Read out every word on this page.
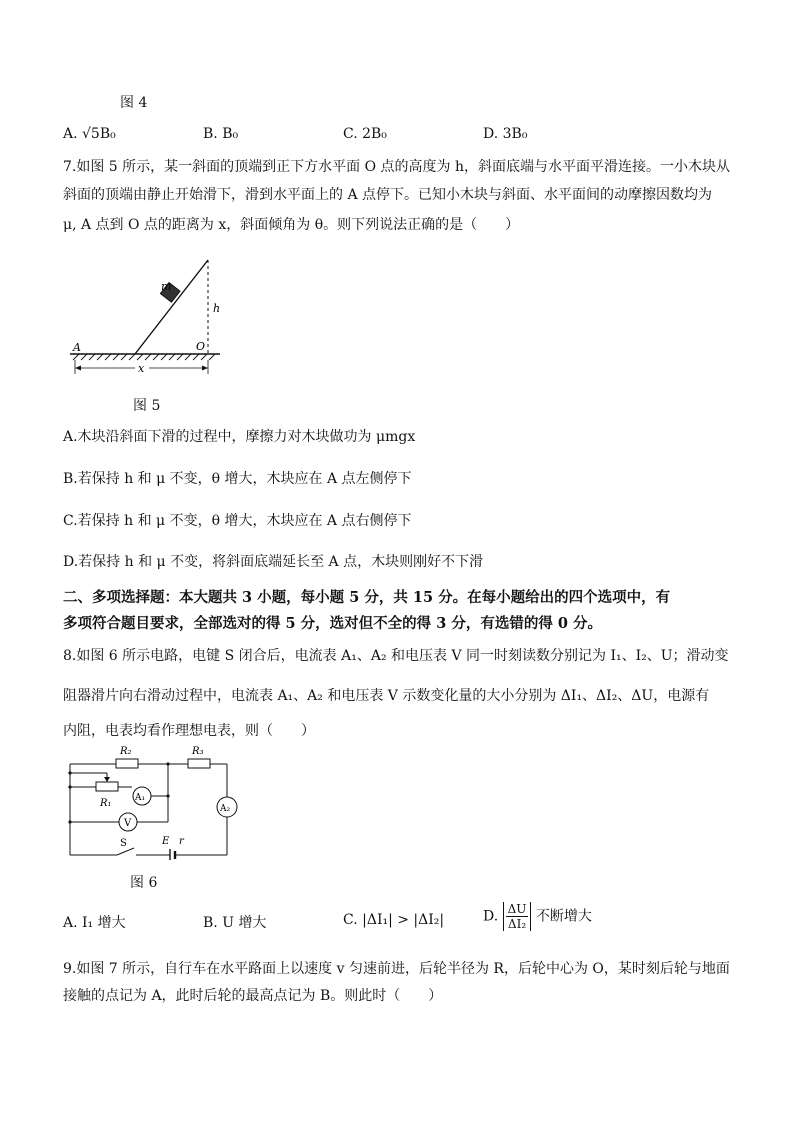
图 4
A. √5B₀	B. B₀	C. 2B₀	D. 3B₀
7.如图 5 所示，某一斜面的顶端到正下方水平面 O 点的高度为 h，斜面底端与水平面平滑连接。一小木块从
斜面的顶端由静止开始滑下，滑到水平面上的 A 点停下。已知小木块与斜面、水平面间的动摩擦因数均为
μ, A 点到 O 点的距离为 x，斜面倾角为 θ。则下列说法正确的是（　　）
m
h
O
A
x
图 5
A.木块沿斜面下滑的过程中，摩擦力对木块做功为 μmgx
B.若保持 h 和 μ 不变，θ 增大，木块应在 A 点左侧停下
C.若保持 h 和 μ 不变，θ 增大，木块应在 A 点右侧停下
D.若保持 h 和 μ 不变，将斜面底端延长至 A 点，木块则刚好不下滑
二、多项选择题：本大题共 3 小题，每小题 5 分，共 15 分。在每小题给出的四个选项中，有
多项符合题目要求，全部选对的得 5 分，选对但不全的得 3 分，有选错的得 0 分。
8.如图 6 所示电路，电键 S 闭合后，电流表 A₁、A₂ 和电压表 V 同一时刻读数分别记为 I₁、I₂、U；滑动变
阻器滑片向右滑动过程中，电流表 A₁、A₂ 和电压表 V 示数变化量的大小分别为 ΔI₁、ΔI₂、ΔU，电源有
内阻，电表均看作理想电表，则（　　）
R₂	R₃
R₁	A₁
A₂
V
S	E r
图 6
A. I₁ 增大	B. U 增大	C. |ΔI₁| > |ΔI₂|	D. $\frac{\Delta U}{\text{ΔI₂}}$ 不断增大
9.如图 7 所示，自行车在水平路面上以速度 v 匀速前进，后轮半径为 R，后轮中心为 O，某时刻后轮与地面
接触的点记为 A，此时后轮的最高点记为 B。则此时（　　）
